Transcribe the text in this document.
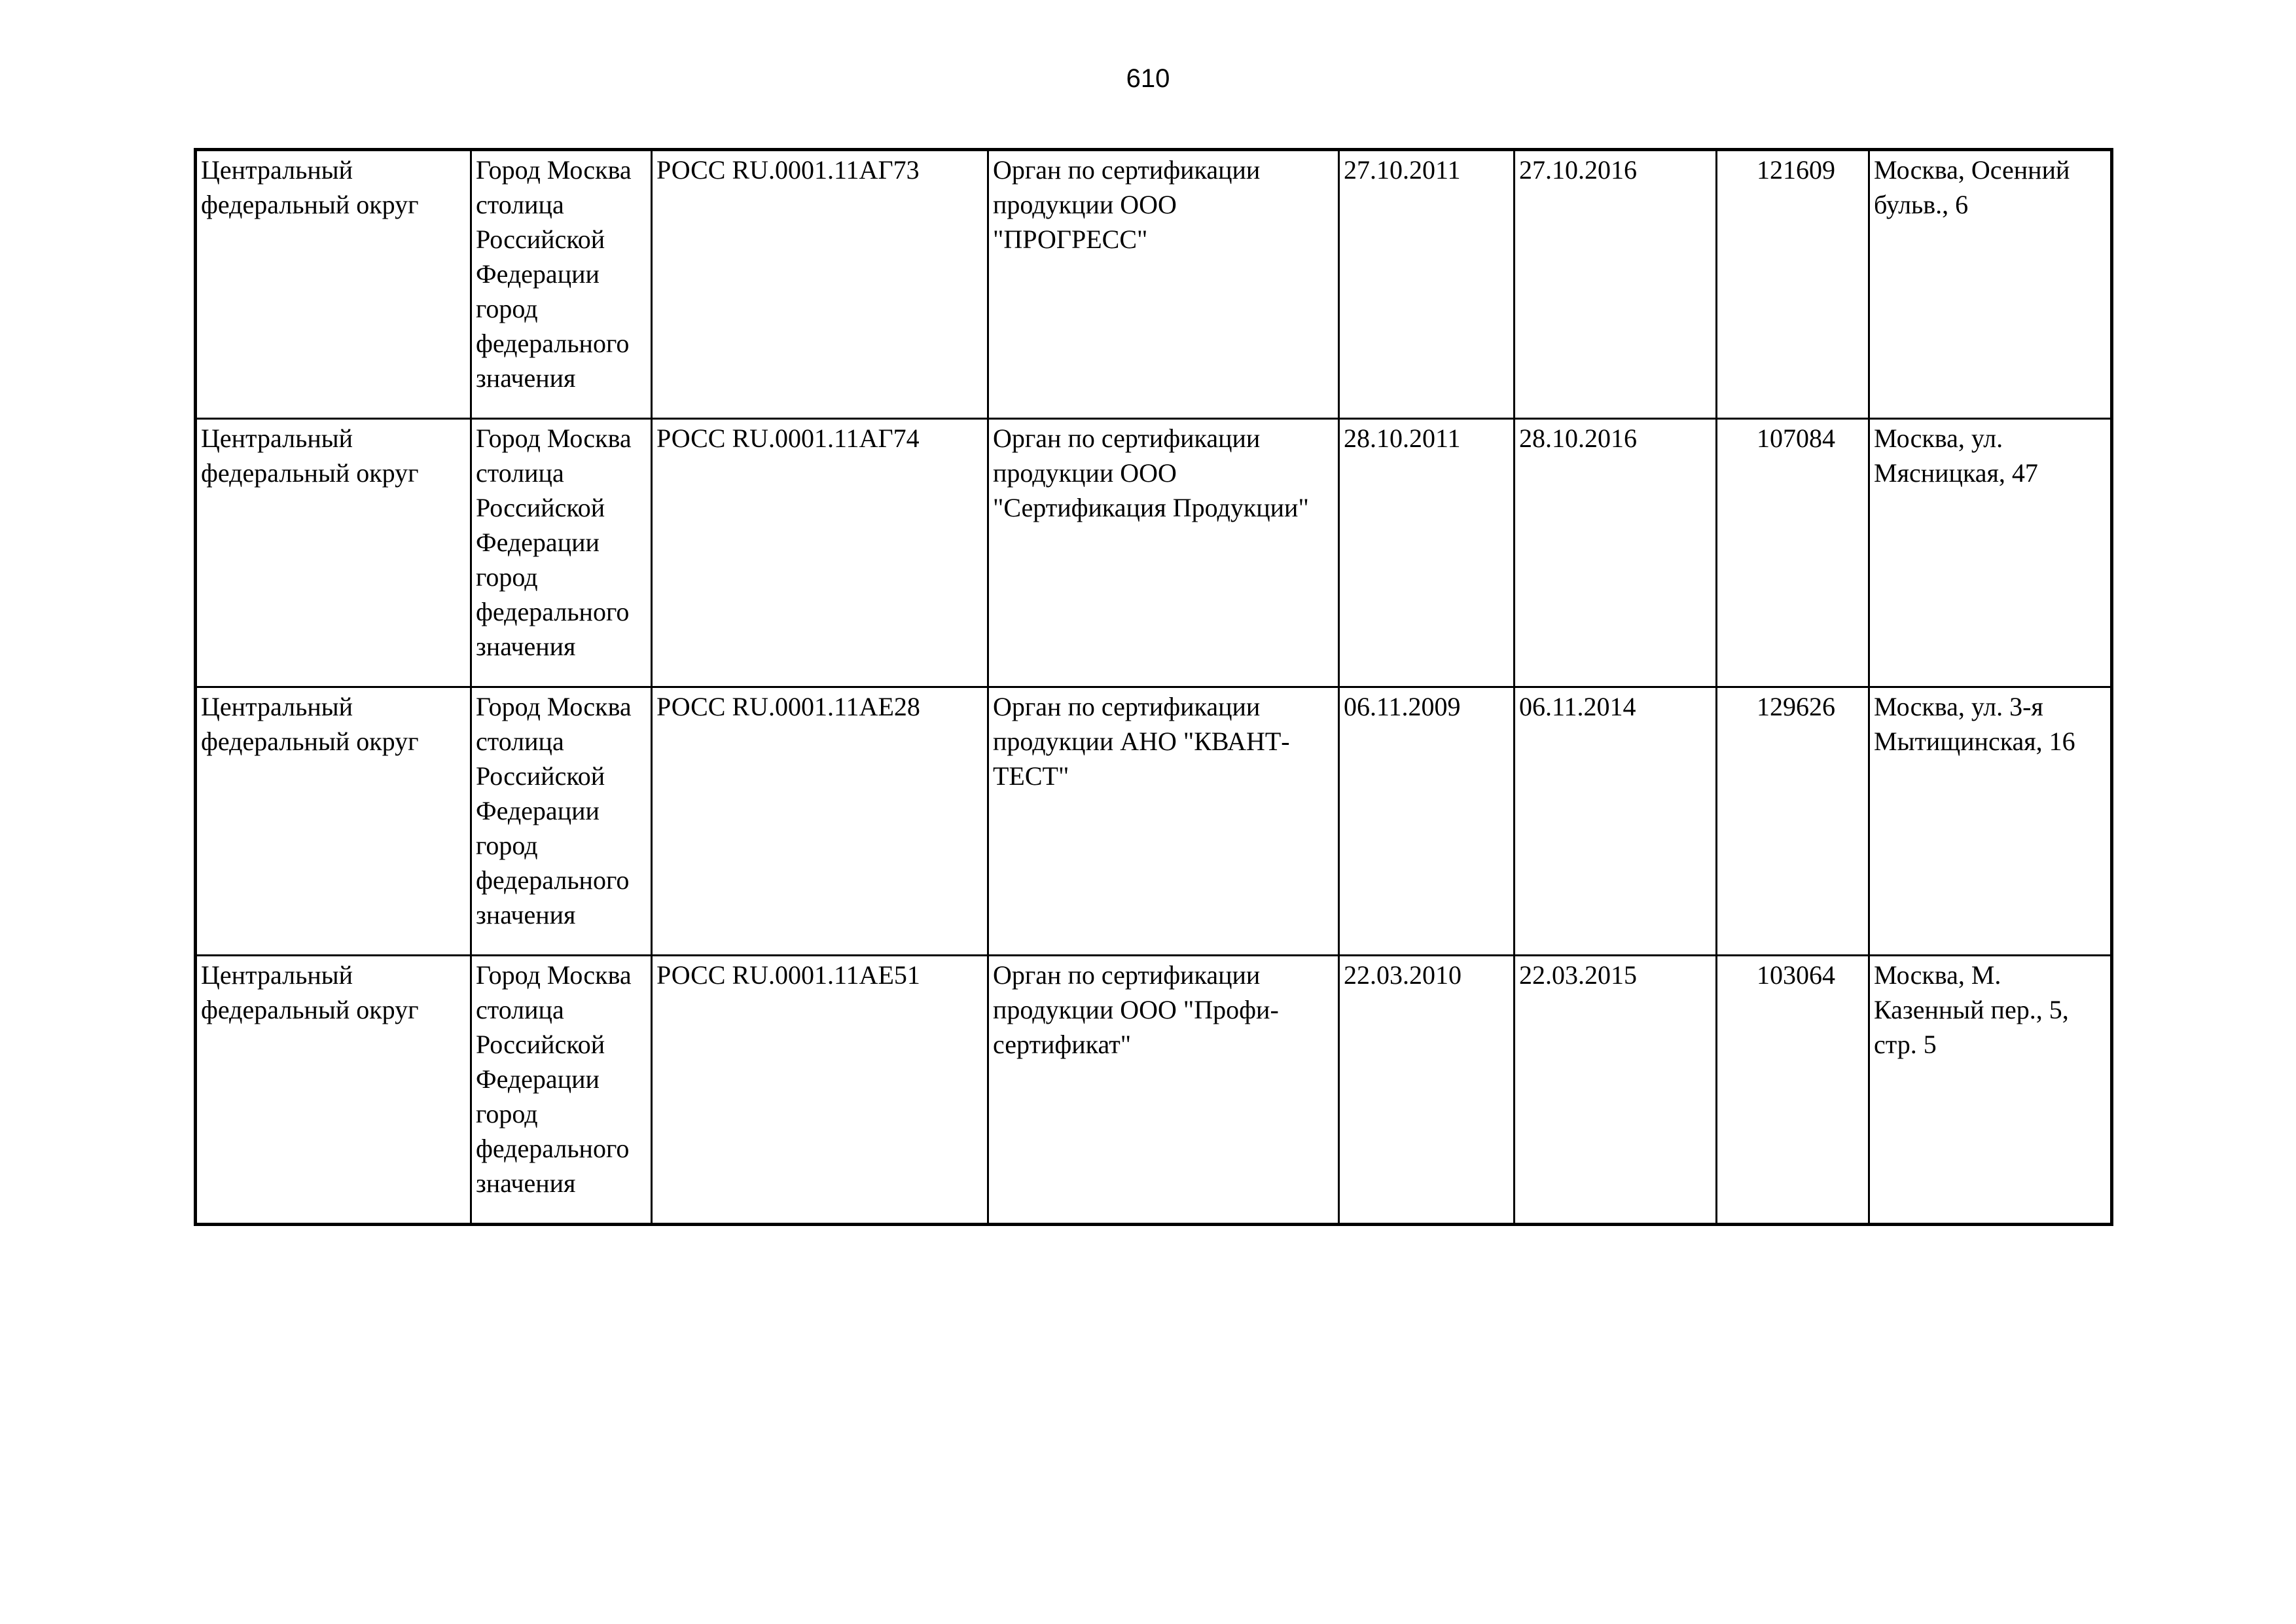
610
Центральный федеральный округ	Город Москва столица Российской Федерации город федерального значения	РОСС RU.0001.11АГ73	Орган по сертификации продукции ООО "ПРОГРЕСС"	27.10.2011	27.10.2016	121609	Москва, Осенний бульв., 6
Центральный федеральный округ	Город Москва столица Российской Федерации город федерального значения	РОСС RU.0001.11АГ74	Орган по сертификации продукции ООО "Сертификация Продукции"	28.10.2011	28.10.2016	107084	Москва, ул. Мясницкая, 47
Центральный федеральный округ	Город Москва столица Российской Федерации город федерального значения	РОСС RU.0001.11АЕ28	Орган по сертификации продукции АНО "КВАНТ-ТЕСТ"	06.11.2009	06.11.2014	129626	Москва, ул. 3-я Мытищинская, 16
Центральный федеральный округ	Город Москва столица Российской Федерации город федерального значения	РОСС RU.0001.11АЕ51	Орган по сертификации продукции ООО "Профи-сертификат"	22.03.2010	22.03.2015	103064	Москва, М. Казенный пер., 5, стр. 5
